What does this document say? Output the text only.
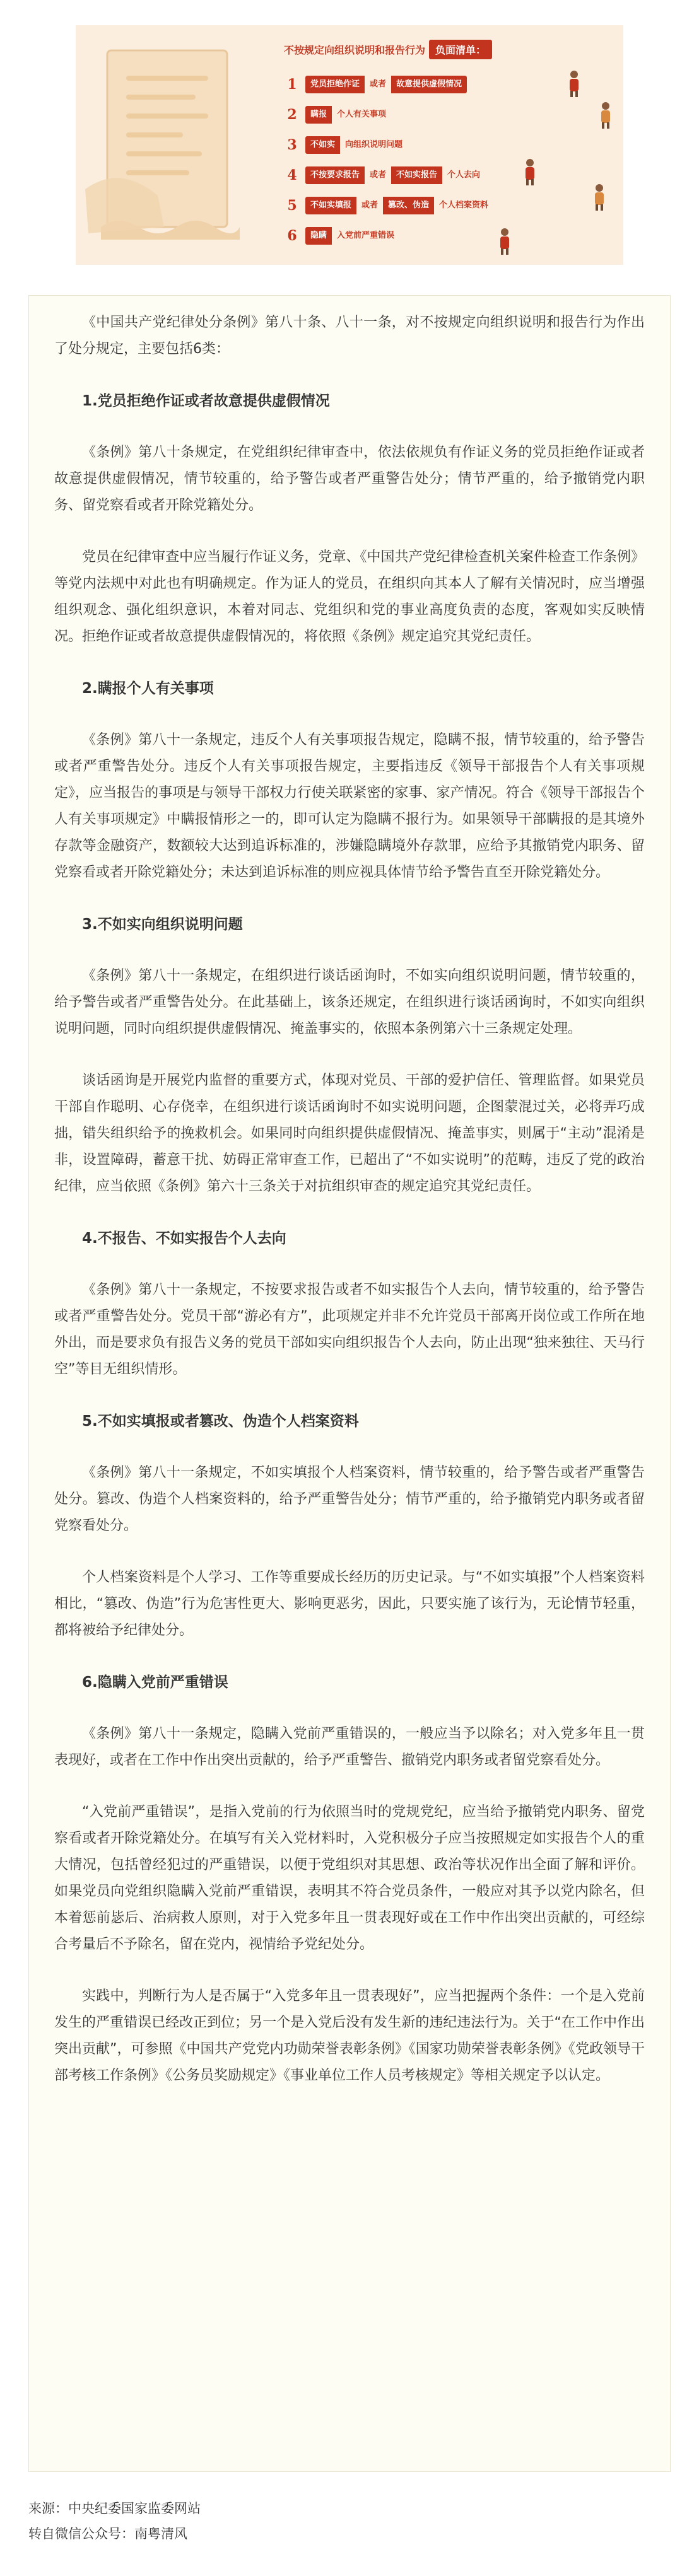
不按规定向组织说明和报告行为	负面清单：
1	党员拒绝作证	或者	故意提供虚假情况
2	瞒报	个人有关事项
3	不如实	向组织说明问题
4	不按要求报告	或者	不如实报告	个人去向
5	不如实填报	或者	篡改、伪造	个人档案资料
6	隐瞒	入党前严重错误

《中国共产党纪律处分条例》第八十条、八十一条，对不按规定向组织说明和报告行为作出了处分规定，主要包括6类：

1.党员拒绝作证或者故意提供虚假情况

《条例》第八十条规定，在党组织纪律审查中，依法依规负有作证义务的党员拒绝作证或者故意提供虚假情况，情节较重的，给予警告或者严重警告处分；情节严重的，给予撤销党内职务、留党察看或者开除党籍处分。

党员在纪律审查中应当履行作证义务，党章、《中国共产党纪律检查机关案件检查工作条例》等党内法规中对此也有明确规定。作为证人的党员，在组织向其本人了解有关情况时，应当增强组织观念、强化组织意识，本着对同志、党组织和党的事业高度负责的态度，客观如实反映情况。拒绝作证或者故意提供虚假情况的，将依照《条例》规定追究其党纪责任。

2.瞒报个人有关事项

《条例》第八十一条规定，违反个人有关事项报告规定，隐瞒不报，情节较重的，给予警告或者严重警告处分。违反个人有关事项报告规定，主要指违反《领导干部报告个人有关事项规定》，应当报告的事项是与领导干部权力行使关联紧密的家事、家产情况。符合《领导干部报告个人有关事项规定》中瞒报情形之一的，即可认定为隐瞒不报行为。如果领导干部瞒报的是其境外存款等金融资产，数额较大达到追诉标准的，涉嫌隐瞒境外存款罪，应给予其撤销党内职务、留党察看或者开除党籍处分；未达到追诉标准的则应视具体情节给予警告直至开除党籍处分。

3.不如实向组织说明问题

《条例》第八十一条规定，在组织进行谈话函询时，不如实向组织说明问题，情节较重的，给予警告或者严重警告处分。在此基础上，该条还规定，在组织进行谈话函询时，不如实向组织说明问题，同时向组织提供虚假情况、掩盖事实的，依照本条例第六十三条规定处理。

谈话函询是开展党内监督的重要方式，体现对党员、干部的爱护信任、管理监督。如果党员干部自作聪明、心存侥幸，在组织进行谈话函询时不如实说明问题，企图蒙混过关，必将弄巧成拙，错失组织给予的挽救机会。如果同时向组织提供虚假情况、掩盖事实，则属于“主动”混淆是非，设置障碍，蓄意干扰、妨碍正常审查工作，已超出了“不如实说明”的范畴，违反了党的政治纪律，应当依照《条例》第六十三条关于对抗组织审查的规定追究其党纪责任。

4.不报告、不如实报告个人去向

《条例》第八十一条规定，不按要求报告或者不如实报告个人去向，情节较重的，给予警告或者严重警告处分。党员干部“游必有方”，此项规定并非不允许党员干部离开岗位或工作所在地外出，而是要求负有报告义务的党员干部如实向组织报告个人去向，防止出现“独来独往、天马行空”等目无组织情形。

5.不如实填报或者篡改、伪造个人档案资料

《条例》第八十一条规定，不如实填报个人档案资料，情节较重的，给予警告或者严重警告处分。篡改、伪造个人档案资料的，给予严重警告处分；情节严重的，给予撤销党内职务或者留党察看处分。

个人档案资料是个人学习、工作等重要成长经历的历史记录。与“不如实填报”个人档案资料相比，“篡改、伪造”行为危害性更大、影响更恶劣，因此，只要实施了该行为，无论情节轻重，都将被给予纪律处分。

6.隐瞒入党前严重错误

《条例》第八十一条规定，隐瞒入党前严重错误的，一般应当予以除名；对入党多年且一贯表现好，或者在工作中作出突出贡献的，给予严重警告、撤销党内职务或者留党察看处分。

“入党前严重错误”，是指入党前的行为依照当时的党规党纪，应当给予撤销党内职务、留党察看或者开除党籍处分。在填写有关入党材料时，入党积极分子应当按照规定如实报告个人的重大情况，包括曾经犯过的严重错误，以便于党组织对其思想、政治等状况作出全面了解和评价。如果党员向党组织隐瞒入党前严重错误，表明其不符合党员条件，一般应对其予以党内除名，但本着惩前毖后、治病救人原则，对于入党多年且一贯表现好或在工作中作出突出贡献的，可经综合考量后不予除名，留在党内，视情给予党纪处分。

实践中，判断行为人是否属于“入党多年且一贯表现好”，应当把握两个条件：一个是入党前发生的严重错误已经改正到位；另一个是入党后没有发生新的违纪违法行为。关于“在工作中作出突出贡献”，可参照《中国共产党党内功勋荣誉表彰条例》《国家功勋荣誉表彰条例》《党政领导干部考核工作条例》《公务员奖励规定》《事业单位工作人员考核规定》等相关规定予以认定。

来源：中央纪委国家监委网站
转自微信公众号：南粤清风
